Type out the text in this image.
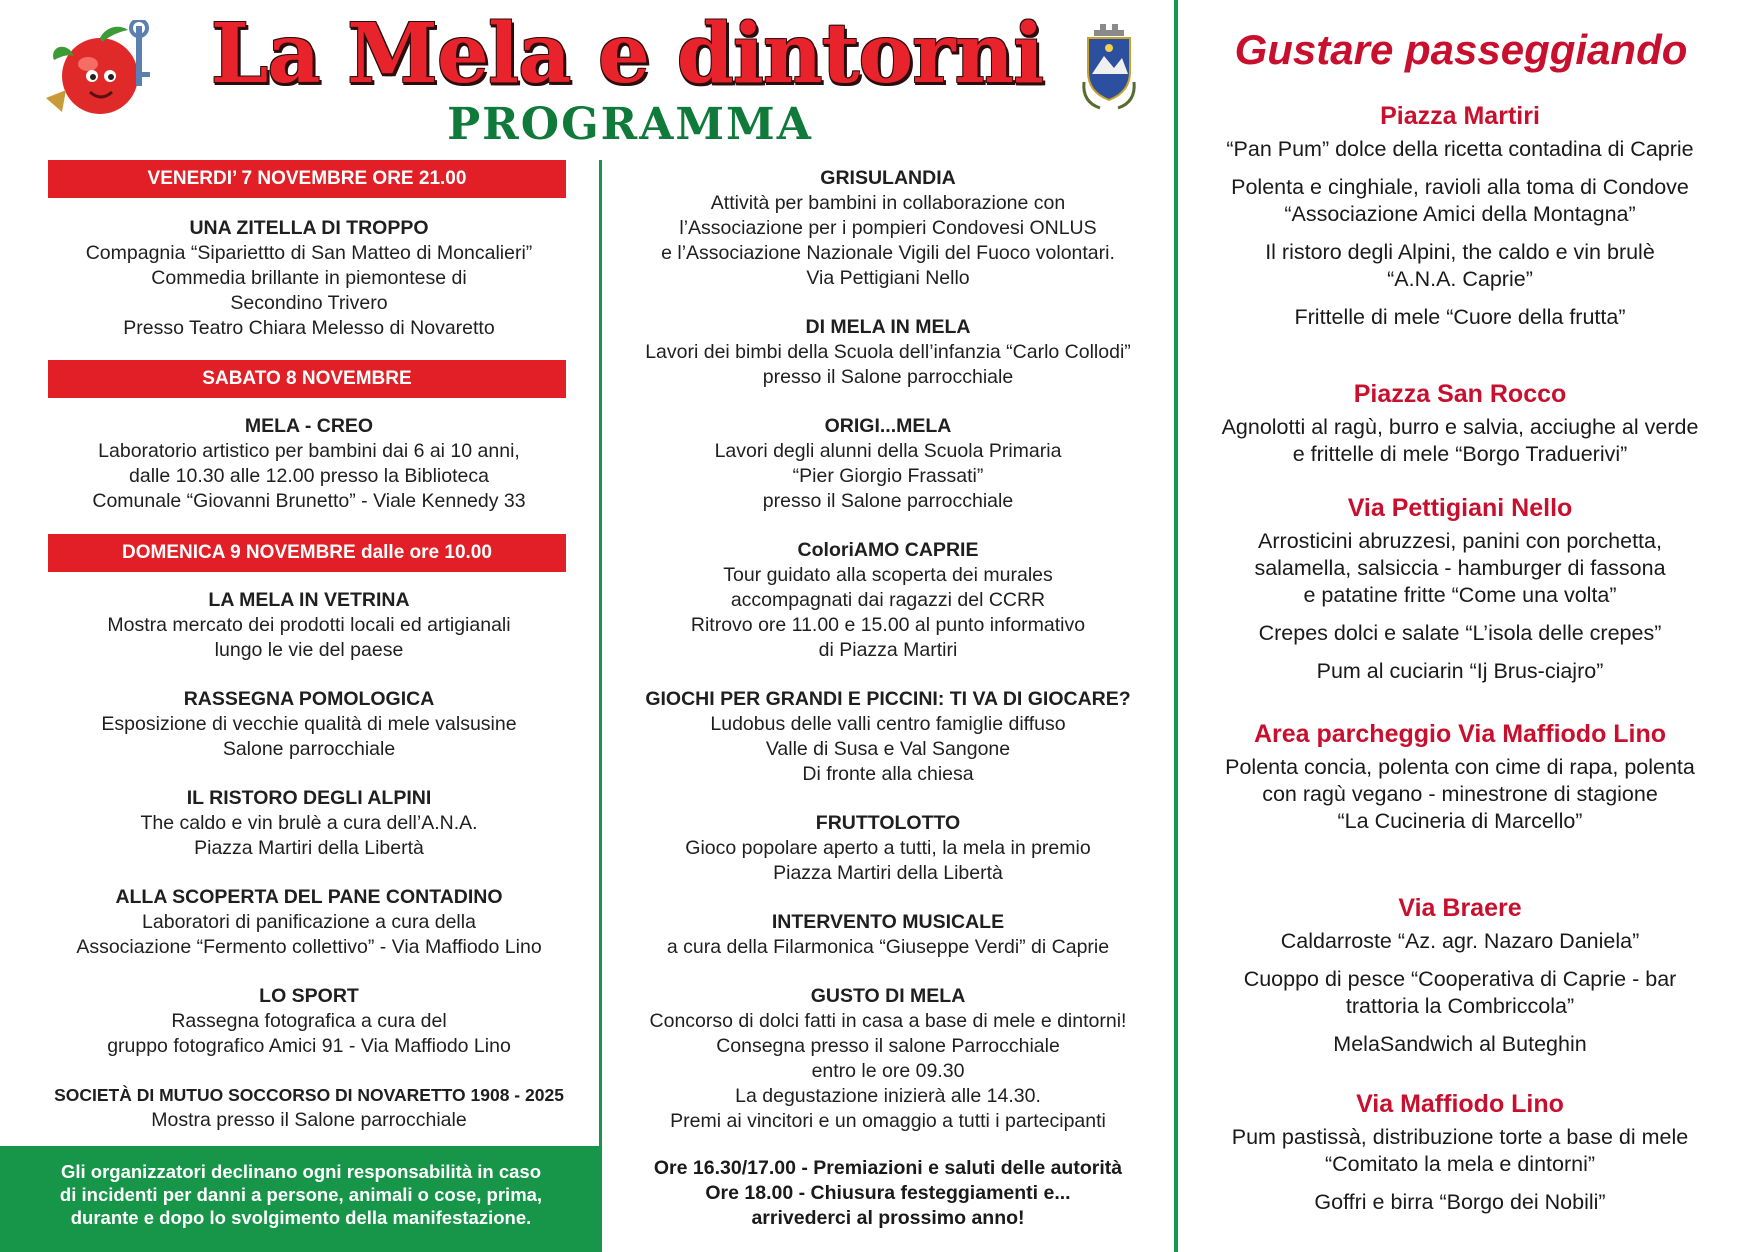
La Mela e dintorni
PROGRAMMA
VENERDI’ 7 NOVEMBRE ORE 21.00
SABATO 8 NOVEMBRE
DOMENICA 9 NOVEMBRE dalle ore 10.00
UNA ZITELLA DI TROPPO
Compagnia “Sipariettto di San Matteo di Moncalieri”
Commedia brillante in piemontese di
Secondino Trivero
Presso Teatro Chiara Melesso di Novaretto
MELA - CREO
Laboratorio artistico per bambini dai 6 ai 10 anni,
dalle 10.30 alle 12.00 presso la Biblioteca
Comunale “Giovanni Brunetto” - Viale Kennedy 33
LA MELA IN VETRINA
Mostra mercato dei prodotti locali ed artigianali
lungo le vie del paese
RASSEGNA POMOLOGICA
Esposizione di vecchie qualità di mele valsusine
Salone parrocchiale
IL RISTORO DEGLI ALPINI
The caldo e vin brulè a cura dell’A.N.A.
Piazza Martiri della Libertà
ALLA SCOPERTA DEL PANE CONTADINO
Laboratori di panificazione a cura della
Associazione “Fermento collettivo” - Via Maffiodo Lino
LO SPORT
Rassegna fotografica a cura del
gruppo fotografico Amici 91 - Via Maffiodo Lino
SOCIETÀ DI MUTUO SOCCORSO DI NOVARETTO 1908 - 2025
Mostra presso il Salone parrocchiale
Gli organizzatori declinano ogni responsabilità in caso
di incidenti per danni a persone, animali o cose, prima,
durante e dopo lo svolgimento della manifestazione.
GRISULANDIA
Attività per bambini in collaborazione con
l’Associazione per i pompieri Condovesi ONLUS
e l’Associazione Nazionale Vigili del Fuoco volontari.
Via Pettigiani Nello
DI MELA IN MELA
Lavori dei bimbi della Scuola dell’infanzia “Carlo Collodi”
presso il Salone parrocchiale
ORIGI...MELA
Lavori degli alunni della Scuola Primaria
“Pier Giorgio Frassati”
presso il Salone parrocchiale
ColoriAMO CAPRIE
Tour guidato alla scoperta dei murales
accompagnati dai ragazzi del CCRR
Ritrovo ore 11.00 e 15.00 al punto informativo
di Piazza Martiri
GIOCHI PER GRANDI E PICCINI: TI VA DI GIOCARE?
Ludobus delle valli centro famiglie diffuso
Valle di Susa e Val Sangone
Di fronte alla chiesa
FRUTTOLOTTO
Gioco popolare aperto a tutti, la mela in premio
Piazza Martiri della Libertà
INTERVENTO MUSICALE
a cura della Filarmonica “Giuseppe Verdi” di Caprie
GUSTO DI MELA
Concorso di dolci fatti in casa a base di mele e dintorni!
Consegna presso il salone Parrocchiale
entro le ore 09.30
La degustazione inizierà alle 14.30.
Premi ai vincitori e un omaggio a tutti i partecipanti
Ore 16.30/17.00 - Premiazioni e saluti delle autorità
Ore 18.00 - Chiusura festeggiamenti e...
arrivederci al prossimo anno!
Gustare passeggiando
Piazza Martiri
“Pan Pum” dolce della ricetta contadina di Caprie
Polenta e cinghiale, ravioli alla toma di Condove
“Associazione Amici della Montagna”
Il ristoro degli Alpini, the caldo e vin brulè
“A.N.A. Caprie”
Frittelle di mele “Cuore della frutta”
Piazza San Rocco
Agnolotti al ragù, burro e salvia, acciughe al verde
e frittelle di mele “Borgo Traduerivi”
Via Pettigiani Nello
Arrosticini abruzzesi, panini con porchetta,
salamella, salsiccia - hamburger di fassona
e patatine fritte “Come una volta”
Crepes dolci e salate “L’isola delle crepes”
Pum al cuciarin “Ij Brus-ciajro”
Area parcheggio Via Maffiodo Lino
Polenta concia, polenta con cime di rapa, polenta
con ragù vegano - minestrone di stagione
“La Cucineria di Marcello”
Via Braere
Caldarroste “Az. agr. Nazaro Daniela”
Cuoppo di pesce “Cooperativa di Caprie - bar
trattoria la Combriccola”
MelaSandwich al Buteghin
Via Maffiodo Lino
Pum pastissà, distribuzione torte a base di mele
“Comitato la mela e dintorni”
Goffri e birra “Borgo dei Nobili”
